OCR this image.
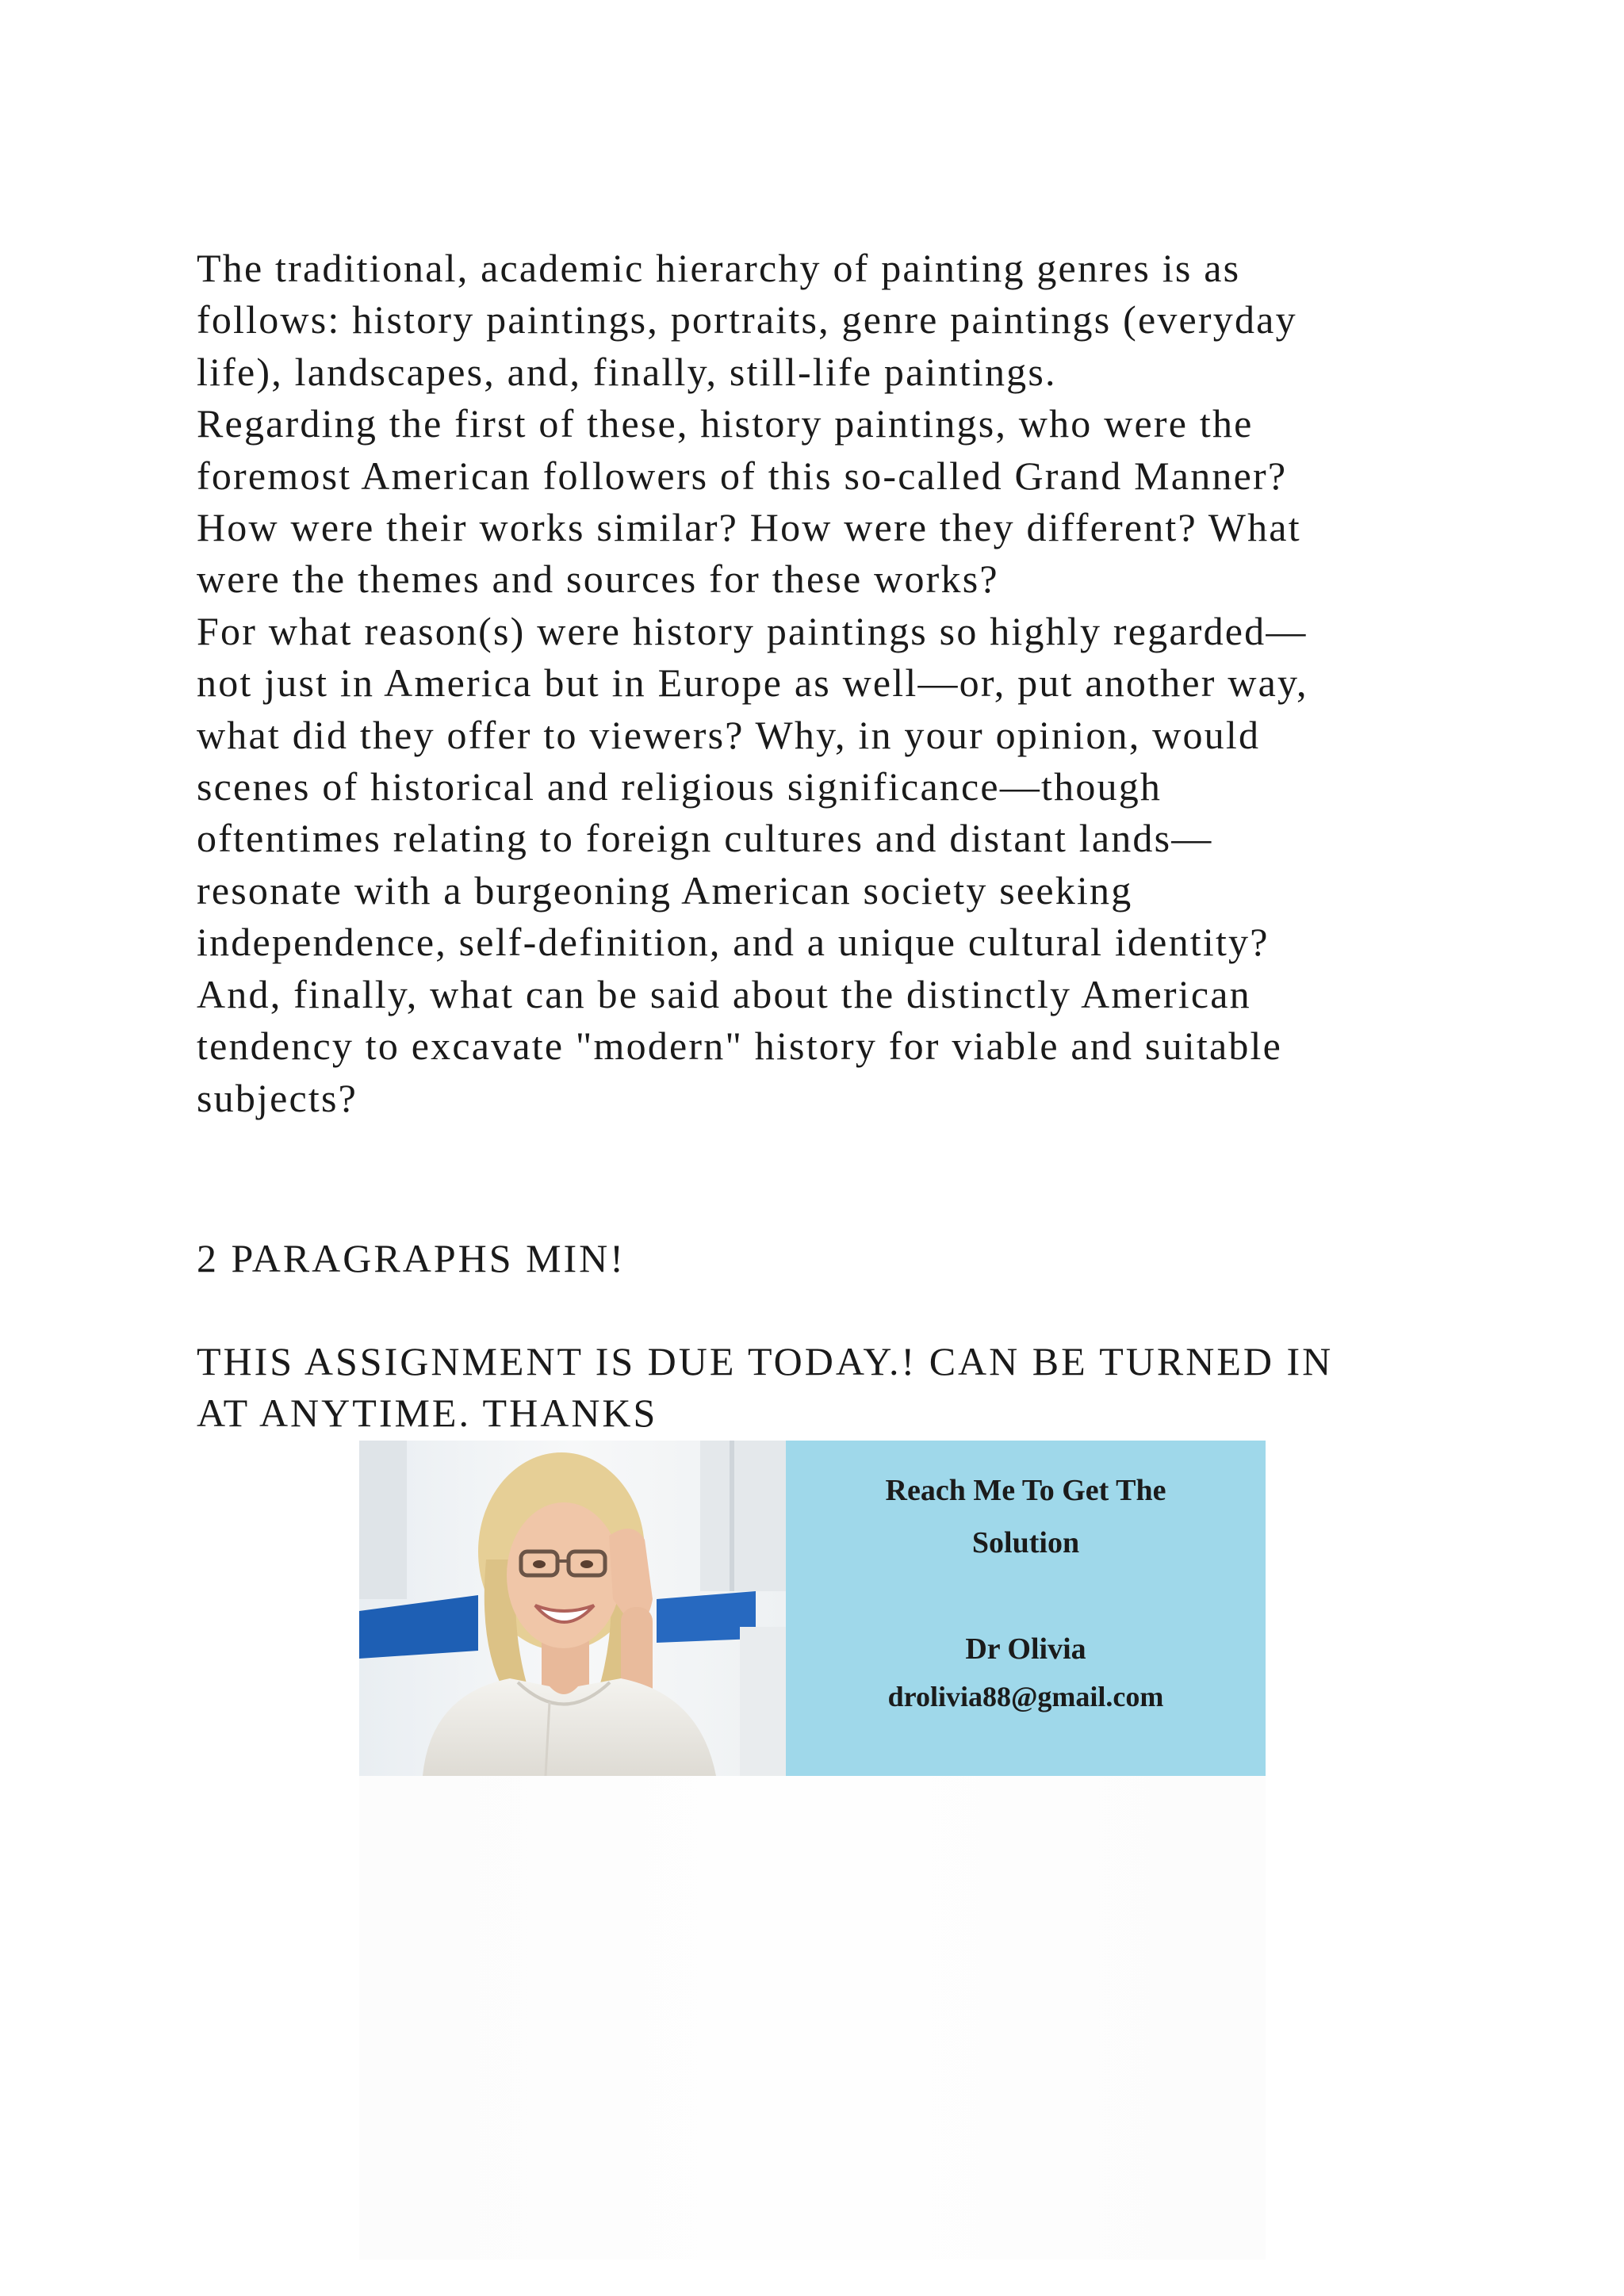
The traditional, academic hierarchy of painting genres is as
follows: history paintings, portraits, genre paintings (everyday
life), landscapes, and, finally, still-life paintings.
Regarding the first of these, history paintings, who were the
foremost American followers of this so-called Grand Manner?
How were their works similar? How were they different? What
were the themes and sources for these works?
For what reason(s) were history paintings so highly regarded—
not just in America but in Europe as well—or, put another way,
what did they offer to viewers? Why, in your opinion, would
scenes of historical and religious significance—though
oftentimes relating to foreign cultures and distant lands—
resonate with a burgeoning American society seeking
independence, self-definition, and a unique cultural identity?
And, finally, what can be said about the distinctly American
tendency to excavate "modern" history for viable and suitable
subjects?

2 PARAGRAPHS MIN!

THIS ASSIGNMENT IS DUE TODAY.! CAN BE TURNED IN
AT ANYTIME. THANKS

Reach Me To Get The
Solution
Dr Olivia
drolivia88@gmail.com
